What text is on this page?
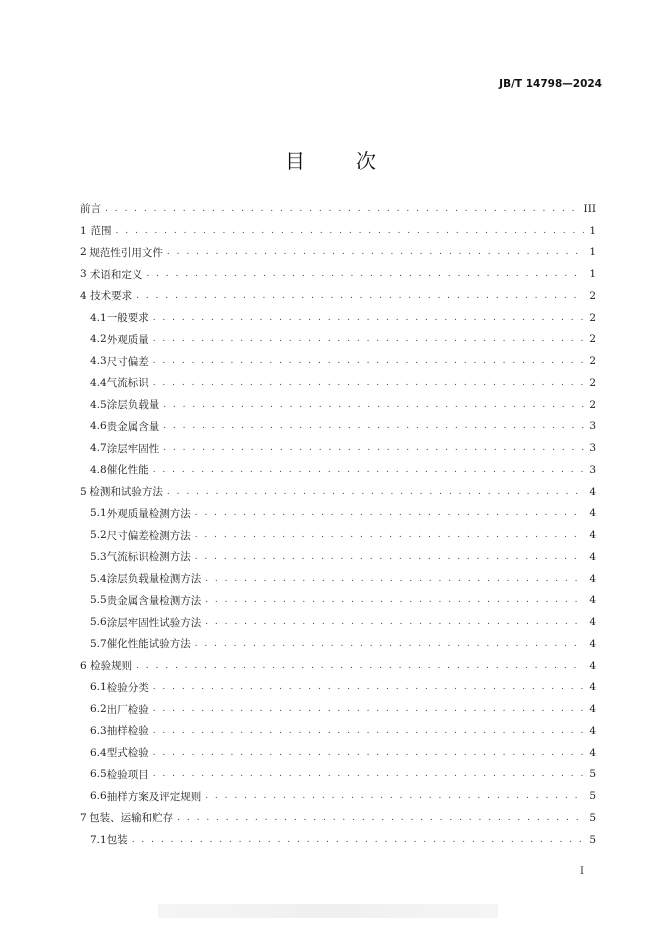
JB/T 14798—2024
目	次
前言 . . .	III
1 范围 . . .	1
2 规范性引用文件 . . .	1
3 术语和定义 . . .	1
4 技术要求 . . .	2
4.1 一般要求 . . .	2
4.2 外观质量 . . .	2
4.3 尺寸偏差 . . .	2
4.4 气流标识 . . .	2
4.5 涂层负载量 . . .	2
4.6 贵金属含量 . . .	3
4.7 涂层牢固性 . . .	3
4.8 催化性能 . . .	3
5 检测和试验方法 . . .	4
5.1 外观质量检测方法 . . .	4
5.2 尺寸偏差检测方法 . . .	4
5.3 气流标识检测方法 . . .	4
5.4 涂层负载量检测方法 . . .	4
5.5 贵金属含量检测方法 . . .	4
5.6 涂层牢固性试验方法 . . .	4
5.7 催化性能试验方法 . . .	4
6 检验规则 . . .	4
6.1 检验分类 . . .	4
6.2 出厂检验 . . .	4
6.3 抽样检验 . . .	4
6.4 型式检验 . . .	4
6.5 检验项目 . . .	5
6.6 抽样方案及评定规则 . . .	5
7 包装、运输和贮存 . . .	5
7.1 包装 . . .	5
I
